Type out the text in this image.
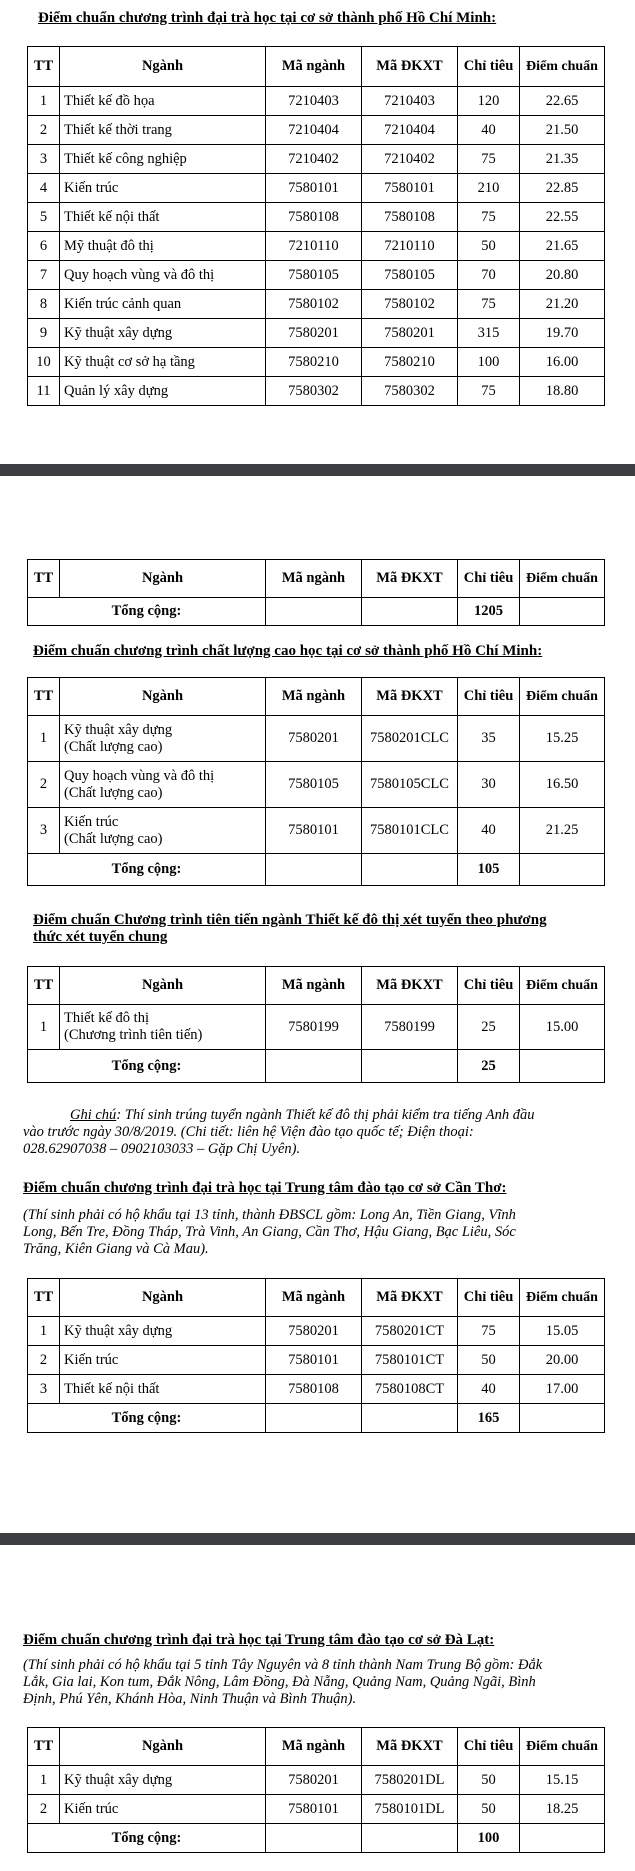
Điểm chuẩn chương trình đại trà học tại cơ sở thành phố Hồ Chí Minh:
TT	Ngành	Mã ngành	Mã ĐKXT	Chỉ tiêu	Điểm chuẩn
1	Thiết kế đồ họa	7210403	7210403	120	22.65
2	Thiết kế thời trang	7210404	7210404	40	21.50
3	Thiết kế công nghiệp	7210402	7210402	75	21.35
4	Kiến trúc	7580101	7580101	210	22.85
5	Thiết kế nội thất	7580108	7580108	75	22.55
6	Mỹ thuật đô thị	7210110	7210110	50	21.65
7	Quy hoạch vùng và đô thị	7580105	7580105	70	20.80
8	Kiến trúc cảnh quan	7580102	7580102	75	21.20
9	Kỹ thuật xây dựng	7580201	7580201	315	19.70
10	Kỹ thuật cơ sở hạ tầng	7580210	7580210	100	16.00
11	Quản lý xây dựng	7580302	7580302	75	18.80
TT	Ngành	Mã ngành	Mã ĐKXT	Chỉ tiêu	Điểm chuẩn
Tổng cộng:				1205	
Điểm chuẩn chương trình chất lượng cao học tại cơ sở thành phố Hồ Chí Minh:
TT	Ngành	Mã ngành	Mã ĐKXT	Chỉ tiêu	Điểm chuẩn
1	Kỹ thuật xây dựng
(Chất lượng cao)	7580201	7580201CLC	35	15.25
2	Quy hoạch vùng và đô thị
(Chất lượng cao)	7580105	7580105CLC	30	16.50
3	Kiến trúc
(Chất lượng cao)	7580101	7580101CLC	40	21.25
Tổng cộng:				105	
Điểm chuẩn Chương trình tiên tiến ngành Thiết kế đô thị xét tuyển theo phương
thức xét tuyển chung
TT	Ngành	Mã ngành	Mã ĐKXT	Chỉ tiêu	Điểm chuẩn
1	Thiết kế đô thị
(Chương trình tiên tiến)	7580199	7580199	25	15.00
Tổng cộng:				25	
Ghi chú: Thí sinh trúng tuyển ngành Thiết kế đô thị phải kiểm tra tiếng Anh đầu
vào trước ngày 30/8/2019. (Chi tiết: liên hệ Viện đào tạo quốc tế; Điện thoại:
028.62907038 – 0902103033 – Gặp Chị Uyên).
Điểm chuẩn chương trình đại trà học tại Trung tâm đào tạo cơ sở Cần Thơ:
(Thí sinh phải có hộ khẩu tại 13 tỉnh, thành ĐBSCL gồm: Long An, Tiền Giang, Vĩnh
Long, Bến Tre, Đồng Tháp, Trà Vinh, An Giang, Cần Thơ, Hậu Giang, Bạc Liêu, Sóc
Trăng, Kiên Giang và Cà Mau).
TT	Ngành	Mã ngành	Mã ĐKXT	Chỉ tiêu	Điểm chuẩn
1	Kỹ thuật xây dựng	7580201	7580201CT	75	15.05
2	Kiến trúc	7580101	7580101CT	50	20.00
3	Thiết kế nội thất	7580108	7580108CT	40	17.00
Tổng cộng:				165	
Điểm chuẩn chương trình đại trà học tại Trung tâm đào tạo cơ sở Đà Lạt:
(Thí sinh phải có hộ khẩu tại 5 tỉnh Tây Nguyên và 8 tỉnh thành Nam Trung Bộ gồm: Đắk
Lắk, Gia lai, Kon tum, Đắk Nông, Lâm Đồng, Đà Nẵng, Quảng Nam, Quảng Ngãi, Bình
Định, Phú Yên, Khánh Hòa, Ninh Thuận và Bình Thuận).
TT	Ngành	Mã ngành	Mã ĐKXT	Chỉ tiêu	Điểm chuẩn
1	Kỹ thuật xây dựng	7580201	7580201DL	50	15.15
2	Kiến trúc	7580101	7580101DL	50	18.25
Tổng cộng:				100	
